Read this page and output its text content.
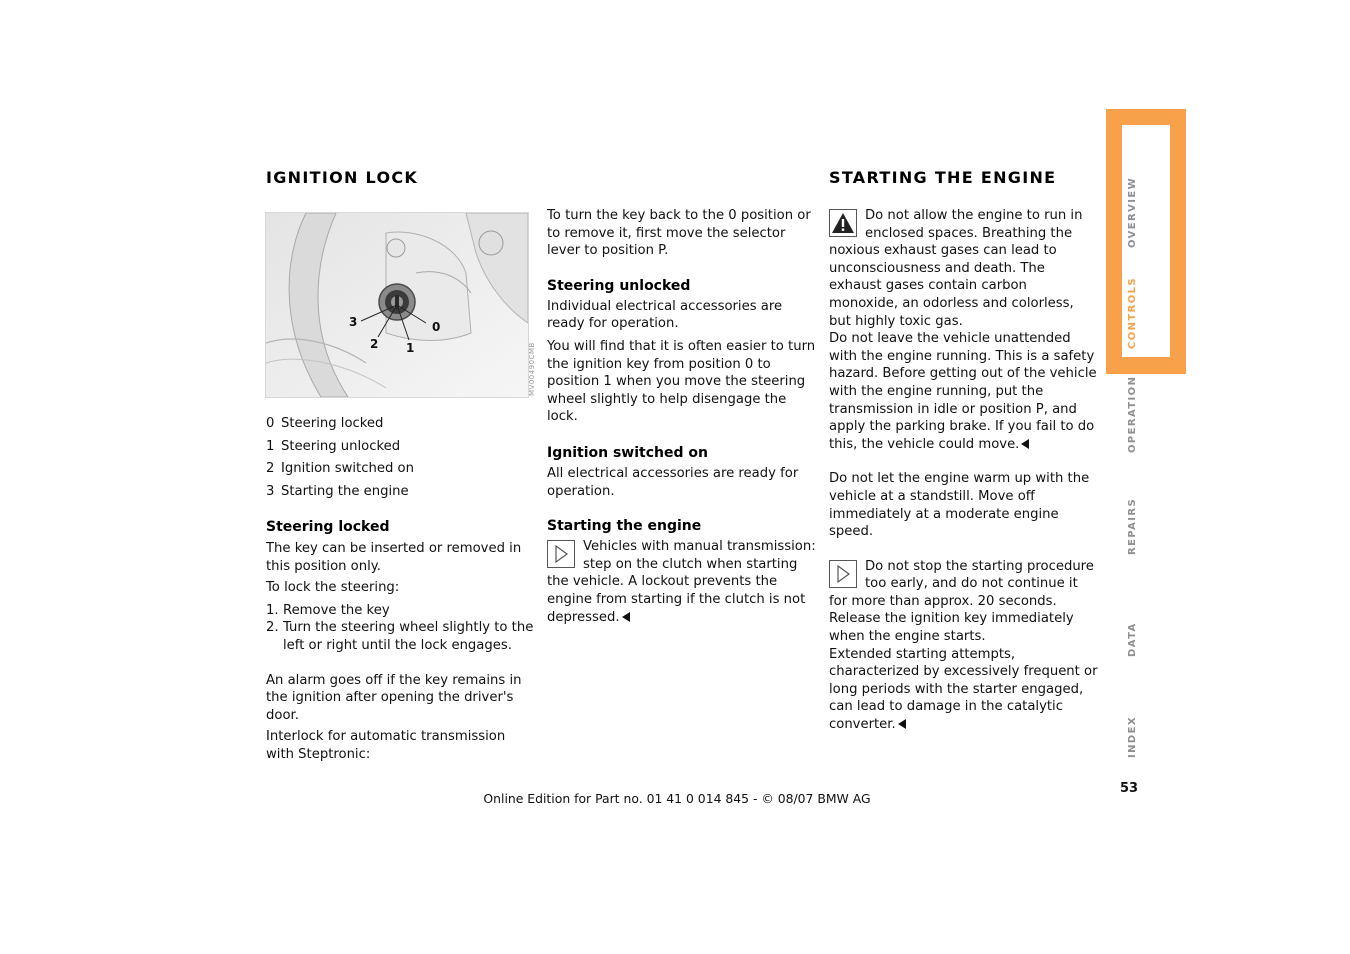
IGNITION LOCK
3
2 1
0
MV00490CMB
0 Steering locked
1 Steering unlocked
2 Ignition switched on
3 Starting the engine
Steering locked

The key can be inserted or removed in this position only.

To lock the steering:

1. Remove the key
2. Turn the steering wheel slightly to the left or right until the lock engages.

An alarm goes off if the key remains in the ignition after opening the driver's door.

Interlock for automatic transmission with Steptronic:

To turn the key back to the 0 position or to remove it, first move the selector lever to position P.

Steering unlocked

Individual electrical accessories are ready for operation.

You will find that it is often easier to turn the ignition key from position 0 to position 1 when you move the steering wheel slightly to help disengage the lock.

Ignition switched on

All electrical accessories are ready for operation.

Starting the engine
Vehicles with manual transmission: step on the clutch when starting the vehicle. A lockout prevents the engine from starting if the clutch is not depressed.
STARTING THE ENGINE
Do not allow the engine to run in enclosed spaces. Breathing the noxious exhaust gases can lead to unconsciousness and death. The exhaust gases contain carbon monoxide, an odorless and colorless, but highly toxic gas.

Do not leave the vehicle unattended with the engine running. This is a safety hazard. Before getting out of the vehicle with the engine running, put the transmission in idle or position P, and apply the parking brake. If you fail to do this, the vehicle could move.

Do not let the engine warm up with the vehicle at a standstill. Move off immediately at a moderate engine speed.

Do not stop the starting procedure too early, and do not continue it for more than approx. 20 seconds. Release the ignition key immediately when the engine starts.

Extended starting attempts, characterized by excessively frequent or long periods with the starter engaged, can lead to damage in the catalytic converter.

OVERVIEW
CONTROLS
OPERATION
REPAIRS
DATA
INDEX
53
Online Edition for Part no. 01 41 0 014 845 - © 08/07 BMW AG
